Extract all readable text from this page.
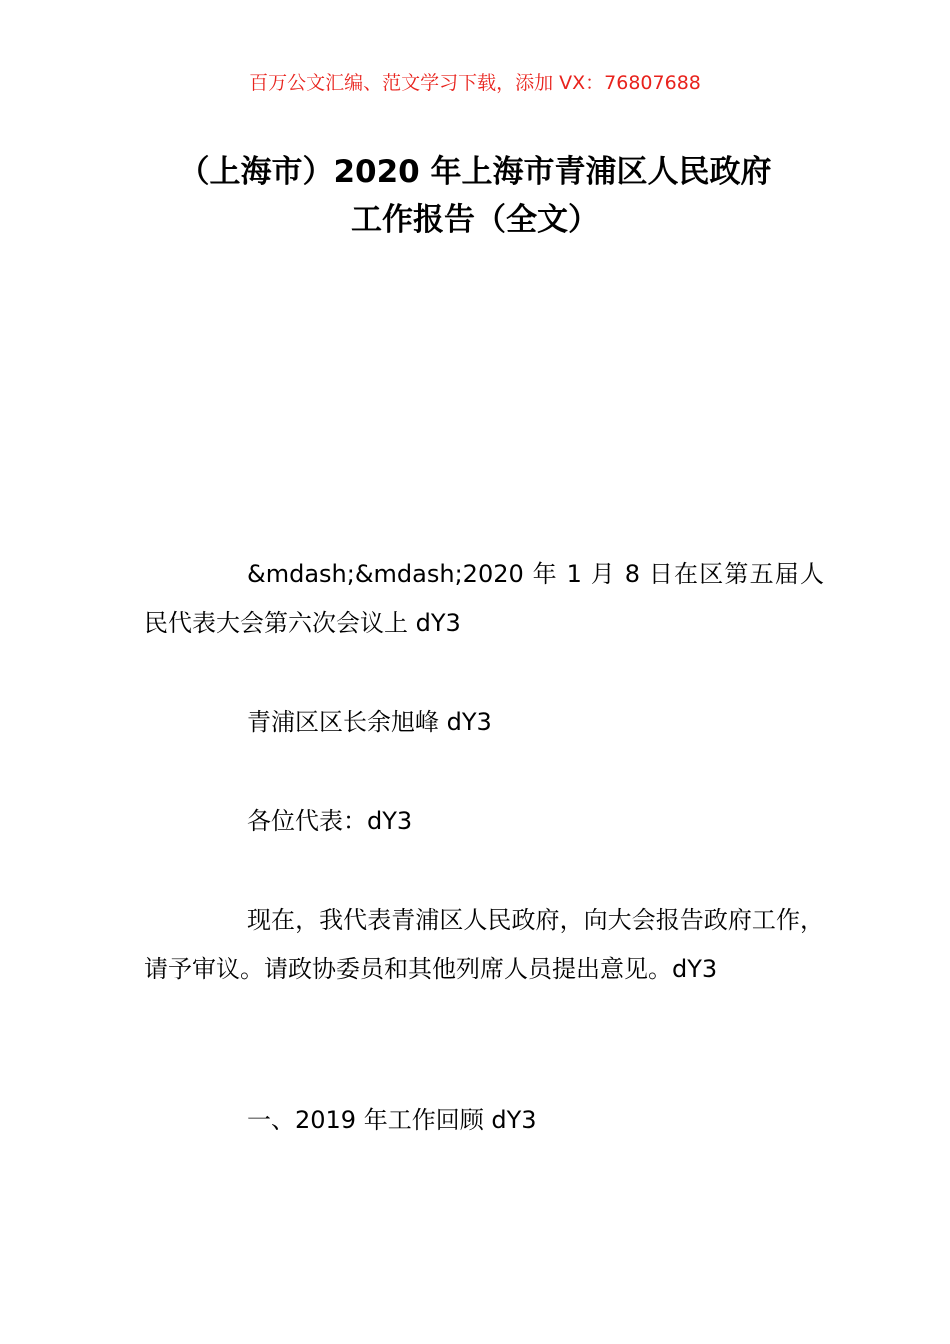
百万公文汇编、范文学习下载，添加 VX：76807688
（上海市）2020 年上海市青浦区人民政府
工作报告（全文）
&mdash;&mdash;2020 年 1 月 8 日在区第五届人民代表大会第六次会议上 dY3
青浦区区长余旭峰 dY3
各位代表：dY3
现在，我代表青浦区人民政府，向大会报告政府工作，请予审议。请政协委员和其他列席人员提出意见。dY3
一、2019 年工作回顾 dY3
